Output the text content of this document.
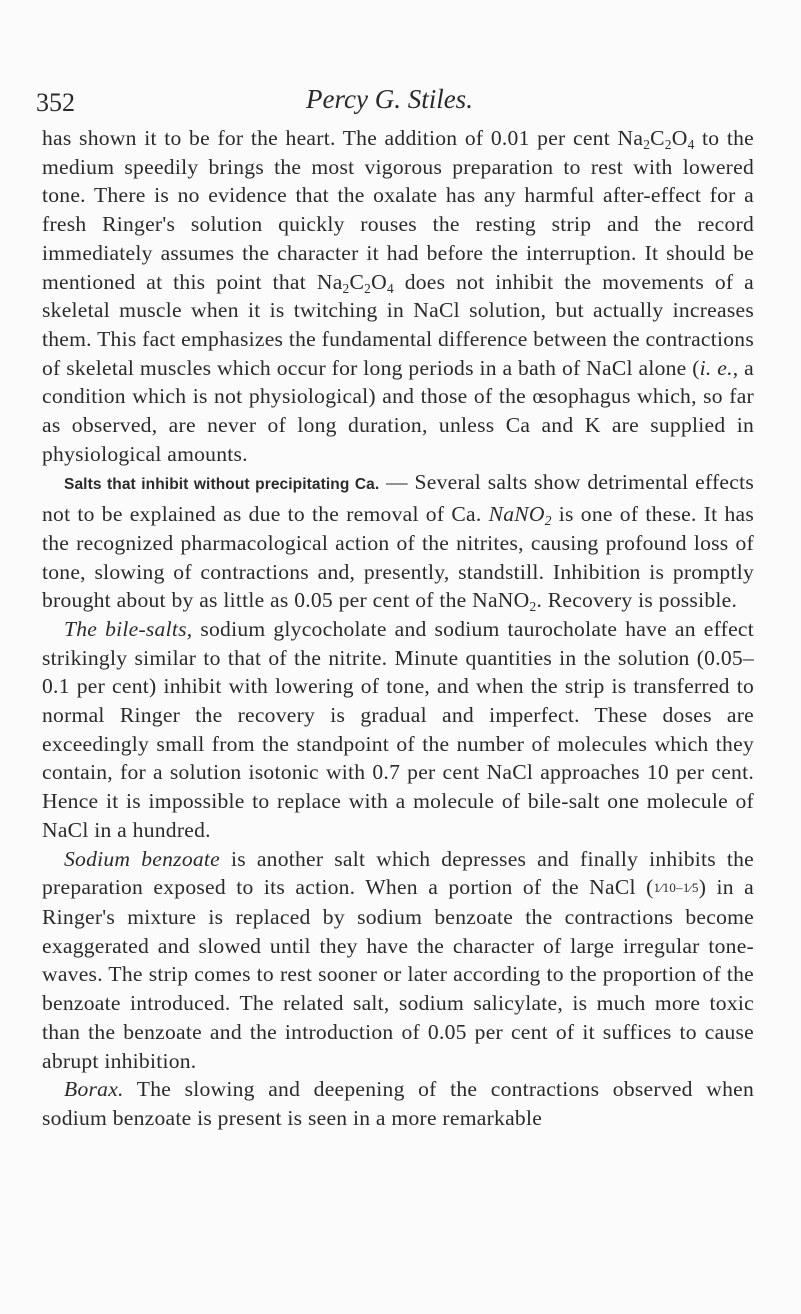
352	Percy G. Stiles.

has shown it to be for the heart. The addition of 0.01 per cent $Na_2C_2O_4$ to the medium speedily brings the most vigorous preparation to rest with lowered tone. There is no evidence that the oxalate has any harmful after-effect for a fresh Ringer's solution quickly rouses the resting strip and the record immediately assumes the character it had before the interruption. It should be mentioned at this point that $Na_2C_2O_4$ does not inhibit the movements of a skeletal muscle when it is twitching in NaCl solution, but actually increases them. This fact emphasizes the fundamental difference between the contractions of skeletal muscles which occur for long periods in a bath of NaCl alone (i. e., a condition which is not physiological) and those of the œsophagus which, so far as observed, are never of long duration, unless Ca and K are supplied in physiological amounts.

Salts that inhibit without precipitating Ca. — Several salts show detrimental effects not to be explained as due to the removal of Ca. NaNO$_2$ is one of these. It has the recognized pharmacological action of the nitrites, causing profound loss of tone, slowing of contractions and, presently, standstill. Inhibition is promptly brought about by as little as 0.05 per cent of the NaNO$_2$. Recovery is possible.

The bile-salts, sodium glycocholate and sodium taurocholate have an effect strikingly similar to that of the nitrite. Minute quantities in the solution (0.05–0.1 per cent) inhibit with lowering of tone, and when the strip is transferred to normal Ringer the recovery is gradual and imperfect. These doses are exceedingly small from the standpoint of the number of molecules which they contain, for a solution isotonic with 0.7 per cent NaCl approaches 10 per cent. Hence it is impossible to replace with a molecule of bile-salt one molecule of NaCl in a hundred.

Sodium benzoate is another salt which depresses and finally inhibits the preparation exposed to its action. When a portion of the NaCl (1⁄10–1⁄5) in a Ringer's mixture is replaced by sodium benzoate the contractions become exaggerated and slowed until they have the character of large irregular tone-waves. The strip comes to rest sooner or later according to the proportion of the benzoate introduced. The related salt, sodium salicylate, is much more toxic than the benzoate and the introduction of 0.05 per cent of it suffices to cause abrupt inhibition.

Borax. The slowing and deepening of the contractions observed when sodium benzoate is present is seen in a more remarkable
